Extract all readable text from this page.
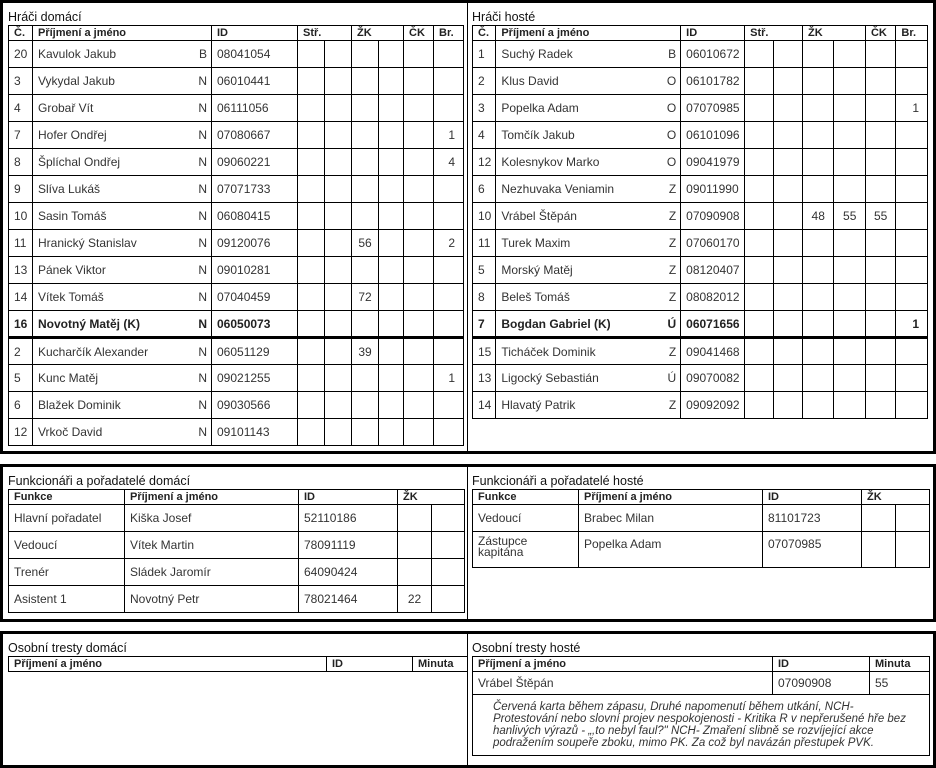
Hráči domácí
Č.	Příjmení a jméno		ID	Stř.		ŽK		ČK	Br.
20	Kavulok Jakub	B	08041054						
3	Vykydal Jakub	N	06010441						
4	Grobař Vít	N	06111056						
7	Hofer Ondřej	N	07080667						1
8	Šplíchal Ondřej	N	09060221						4
9	Slíva Lukáš	N	07071733						
10	Sasin Tomáš	N	06080415						
11	Hranický Stanislav	N	09120076			56			2
13	Pánek Viktor	N	09010281						
14	Vítek Tomáš	N	07040459			72			
16	Novotný Matěj (K)	N	06050073						
2	Kucharčík Alexander	N	06051129			39			
5	Kunc Matěj	N	09021255						1
6	Blažek Dominik	N	09030566						
12	Vrkoč David	N	09101143						
Hráči hosté
Č.	Příjmení a jméno		ID	Stř.		ŽK		ČK	Br.
1	Suchý Radek	B	06010672						
2	Klus David	O	06101782						
3	Popelka Adam	O	07070985						1
4	Tomčík Jakub	O	06101096						
12	Kolesnykov Marko	O	09041979						
6	Nezhuvaka Veniamin	Z	09011990						
10	Vrábel Štěpán	Z	07090908			48	55	55	
11	Turek Maxim	Z	07060170						
5	Morský Matěj	Z	08120407						
8	Beleš Tomáš	Z	08082012						
7	Bogdan Gabriel (K)	Ú	06071656						1
15	Ticháček Dominik	Z	09041468						
13	Ligocký Sebastián	Ú	09070082						
14	Hlavatý Patrik	Z	09092092						
Funkcionáři a pořadatelé domácí
Funkce	Příjmení a jméno	ID	ŽK	
Hlavní pořadatel	Kiška Josef	52110186		
Vedoucí	Vítek Martin	78091119		
Trenér	Sládek Jaromír	64090424		
Asistent 1	Novotný Petr	78021464	22	
Funkcionáři a pořadatelé hosté
Funkce	Příjmení a jméno	ID	ŽK	
Vedoucí	Brabec Milan	81101723		
Zástupce kapitána	Popelka Adam	07070985		
Osobní tresty domácí
Příjmení a jméno	ID	Minuta
Osobní tresty hosté
Příjmení a jméno	ID	Minuta
Vrábel Štěpán	07090908	55
Červená karta během zápasu, Druhé napomenutí během utkání, NCH- Protestování nebo slovní projev nespokojenosti - Kritika R v nepřerušené hře bez hanlivých výrazů - „,to nebyl faul?" NCH- Zmaření slibně se rozvíjející akce podražením soupeře zboku, mimo PK. Za což byl navázán přestupek PVK.		
